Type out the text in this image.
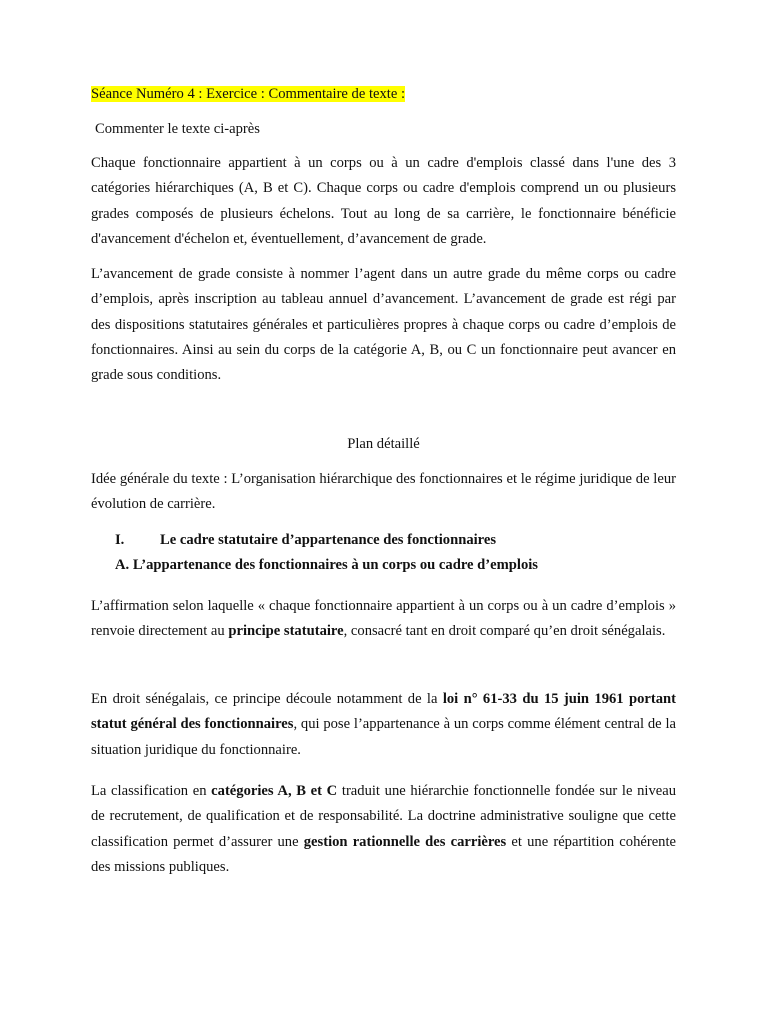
Séance Numéro 4 : Exercice : Commentaire de texte :

Commenter le texte ci-après

Chaque fonctionnaire appartient à un corps ou à un cadre d'emplois classé dans l'une des 3 catégories hiérarchiques (A, B et C). Chaque corps ou cadre d'emplois comprend un ou plusieurs grades composés de plusieurs échelons. Tout au long de sa carrière, le fonctionnaire bénéficie d'avancement d'échelon et, éventuellement, d’avancement de grade.

L’avancement de grade consiste à nommer l’agent dans un autre grade du même corps ou cadre d’emplois, après inscription au tableau annuel d’avancement. L’avancement de grade est régi par des dispositions statutaires générales et particulières propres à chaque corps ou cadre d’emplois de fonctionnaires. Ainsi au sein du corps de la catégorie A, B, ou C un fonctionnaire peut avancer en grade sous conditions.

Plan détaillé

Idée générale du texte : L’organisation hiérarchique des fonctionnaires et le régime juridique de leur évolution de carrière.

I. Le cadre statutaire d’appartenance des fonctionnaires
A. L’appartenance des fonctionnaires à un corps ou cadre d’emplois

L’affirmation selon laquelle « chaque fonctionnaire appartient à un corps ou à un cadre d’emplois » renvoie directement au principe statutaire, consacré tant en droit comparé qu’en droit sénégalais.

En droit sénégalais, ce principe découle notamment de la loi n° 61-33 du 15 juin 1961 portant statut général des fonctionnaires, qui pose l’appartenance à un corps comme élément central de la situation juridique du fonctionnaire.

La classification en catégories A, B et C traduit une hiérarchie fonctionnelle fondée sur le niveau de recrutement, de qualification et de responsabilité. La doctrine administrative souligne que cette classification permet d’assurer une gestion rationnelle des carrières et une répartition cohérente des missions publiques.
